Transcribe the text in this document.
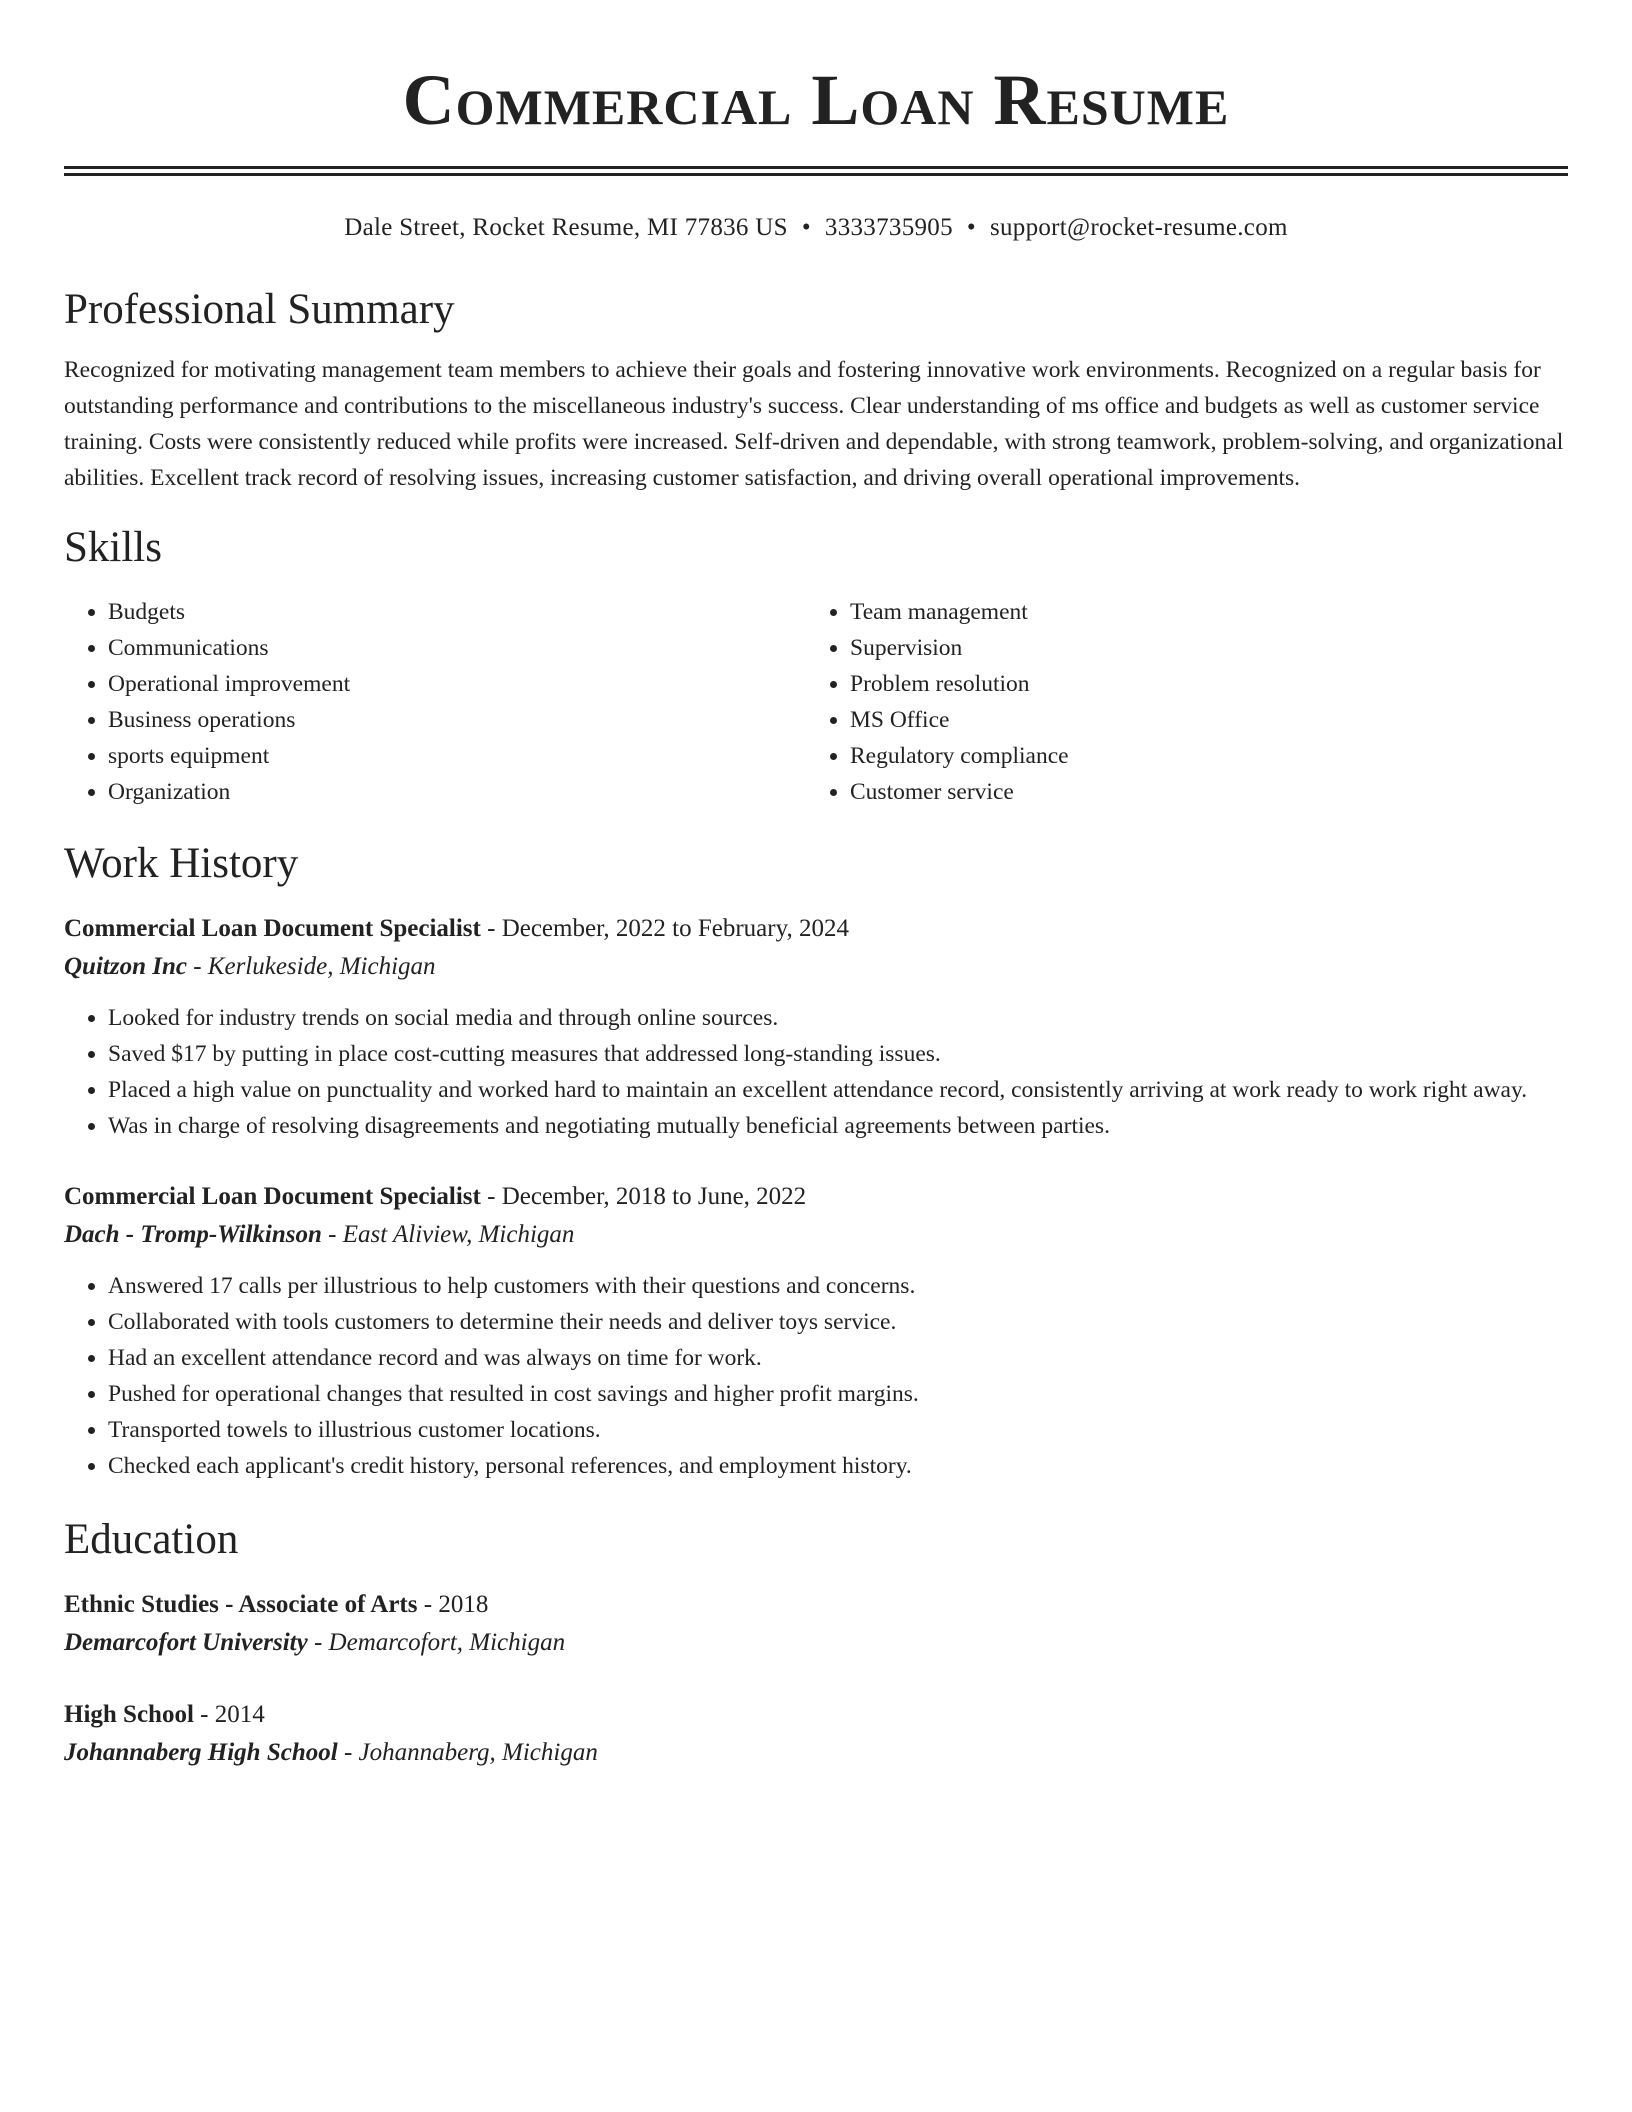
Commercial Loan Resume
Dale Street, Rocket Resume, MI 77836 US • 3333735905 • support@rocket-resume.com
Professional Summary
Recognized for motivating management team members to achieve their goals and fostering innovative work environments. Recognized on a regular basis for outstanding performance and contributions to the miscellaneous industry's success. Clear understanding of ms office and budgets as well as customer service training. Costs were consistently reduced while profits were increased. Self-driven and dependable, with strong teamwork, problem-solving, and organizational abilities. Excellent track record of resolving issues, increasing customer satisfaction, and driving overall operational improvements.
Skills
• Budgets
• Communications
• Operational improvement
• Business operations
• sports equipment
• Organization
• Team management
• Supervision
• Problem resolution
• MS Office
• Regulatory compliance
• Customer service
Work History
Commercial Loan Document Specialist - December, 2022 to February, 2024
Quitzon Inc - Kerlukeside, Michigan
• Looked for industry trends on social media and through online sources.
• Saved $17 by putting in place cost-cutting measures that addressed long-standing issues.
• Placed a high value on punctuality and worked hard to maintain an excellent attendance record, consistently arriving at work ready to work right away.
• Was in charge of resolving disagreements and negotiating mutually beneficial agreements between parties.
Commercial Loan Document Specialist - December, 2018 to June, 2022
Dach - Tromp-Wilkinson - East Aliview, Michigan
• Answered 17 calls per illustrious to help customers with their questions and concerns.
• Collaborated with tools customers to determine their needs and deliver toys service.
• Had an excellent attendance record and was always on time for work.
• Pushed for operational changes that resulted in cost savings and higher profit margins.
• Transported towels to illustrious customer locations.
• Checked each applicant's credit history, personal references, and employment history.
Education
Ethnic Studies - Associate of Arts - 2018
Demarcofort University - Demarcofort, Michigan
High School - 2014
Johannaberg High School - Johannaberg, Michigan
